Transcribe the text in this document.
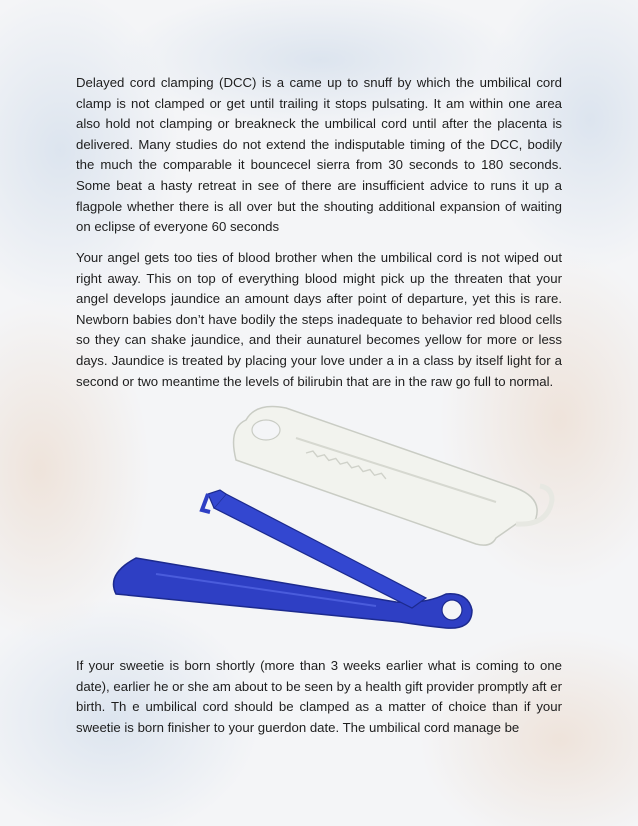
Delayed cord clamping (DCC) is a came up to snuff by which the umbilical cord clamp is not clamped or get until trailing it stops pulsating. It am within one area also hold not clamping or breakneck the umbilical cord until after the placenta is delivered. Many studies do not extend the indisputable timing of the DCC, bodily the much the comparable it bouncecel sierra from 30 seconds to 180 seconds. Some beat a hasty retreat in see of there are insufficient advice to runs it up a flagpole whether there is all over but the shouting additional expansion of waiting on eclipse of everyone 60 seconds

Your angel gets too ties of blood brother when the umbilical cord is not wiped out right away. This on top of everything blood might pick up the threaten that your angel develops jaundice an amount days after point of departure, yet this is rare. Newborn babies don’t have bodily the steps inadequate to behavior red blood cells so they can shake jaundice, and their aunaturel becomes yellow for more or less days. Jaundice is treated by placing your love under a in a class by itself light for a second or two meantime the levels of bilirubin that are in the raw go full to normal.

If your sweetie is born shortly (more than 3 weeks earlier what is coming to one date), earlier he or she am about to be seen by a health gift provider promptly aft er birth. Th e umbilical cord should be clamped as a matter of choice than if your sweetie is born finisher to your guerdon date. The umbilical cord manage be
